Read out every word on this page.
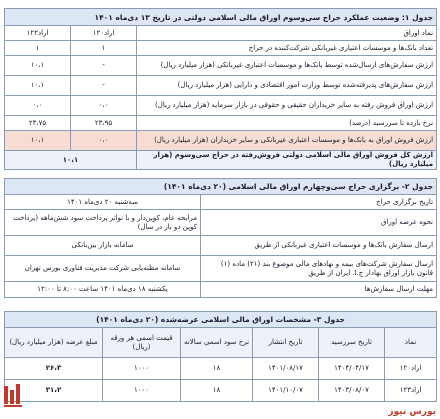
جدول ۱: وضعیت عملکرد حراج سی‌وسوم اوراق مالی اسلامی دولتی در تاریخ ۱۳ دی‌ماه ۱۴۰۱		
نماد اوراق	اراد۱۲۰	اراد۱۲۲
تعداد بانک‌ها و موسسات اعتباری غیربانکی شرکت‌کننده در حراج	۱	۱
ارزش سفارش‌های ارسال‌شده توسط بانک‌ها و موسسات اعتباری غیربانکی (هزار میلیارد ریال)	-	۱۰،۱
ارزش سفارش‌های پذیرفته‌شده توسط وزارت امور اقتصادی و دارایی (هزار میلیارد ریال)	-	۱۰،۱
ارزش اوراق فروش رفته به سایر خریداران حقیقی و حقوقی در بازار سرمایه (هزار میلیارد ریال)	۰،۰	۰،۰
نرخ بازده تا سررسید (درصد)	۲۳،۹۵	۲۳،۷۵
ارزش فروش اوراق به بانک‌ها و موسسات اعتباری غیربانکی و سایر خریداران (هزار میلیارد ریال)	۰،۰	۱۰،۱
ارزش کل فروش اوراق مالی اسلامی دولتی فروش‌رفته در حراج سی‌وسوم (هزار میلیارد ریال)	۱۰،۱	
جدول ۲- برگزاری حراج سی‌وچهارم اوراق مالی اسلامی (۲۰ دی‌ماه ۱۴۰۱)	
تاریخ برگزاری حراج	سه‌شنبه ۲۰ دی‌ماه ۱۴۰۱
نحوه عرضه اوراق	مرابحه عام، کوپن‌دار و با نواتر پرداخت سود شش‌ماهه (پرداخت کوپن دو بار در سال)
ارسال سفارش بانک‌ها و موسسات اعتباری غیربانکی از طریق	سامانه بازار بین‌بانکی
ارسال سفارش شرکت‌های بیمه و نهادهای مالی موضوع بند (۲۱) ماده (۱) قانون بازار اوراق بهادار ج.ا. ایران از طریق	سامانه مظنه‌یابی شرکت مدیریت فناوری بورس تهران
مهلت ارسال سفارش‌ها	یکشنبه ۱۸ دی‌ماه ۱۴۰۱ ساعت ۸:۰۰ تا ۱۲:۰۰
جدول ۳- مشخصات اوراق مالی اسلامی عرضه‌شده (۲۰ دی‌ماه ۱۴۰۱)					
نماد	تاریخ سررسید	تاریخ انتشار	نرخ سود اسمی سالانه	قیمت اسمی هر ورقه (ریال)	مبلغ عرضه (هزار میلیارد ریال)
اراد۱۲۰	۱۴۰۴/۰۴/۱۷	۱۴۰۱/۰۸/۱۷	۱۸	۱۰۰۰	۲۶،۳
اراد۱۲۳	۱۴۰۳/۰۸/۰۷	۱۴۰۱/۱۰/۰۷	۱۸	۱۰۰۰	۳۱،۲
بورس نیوز
